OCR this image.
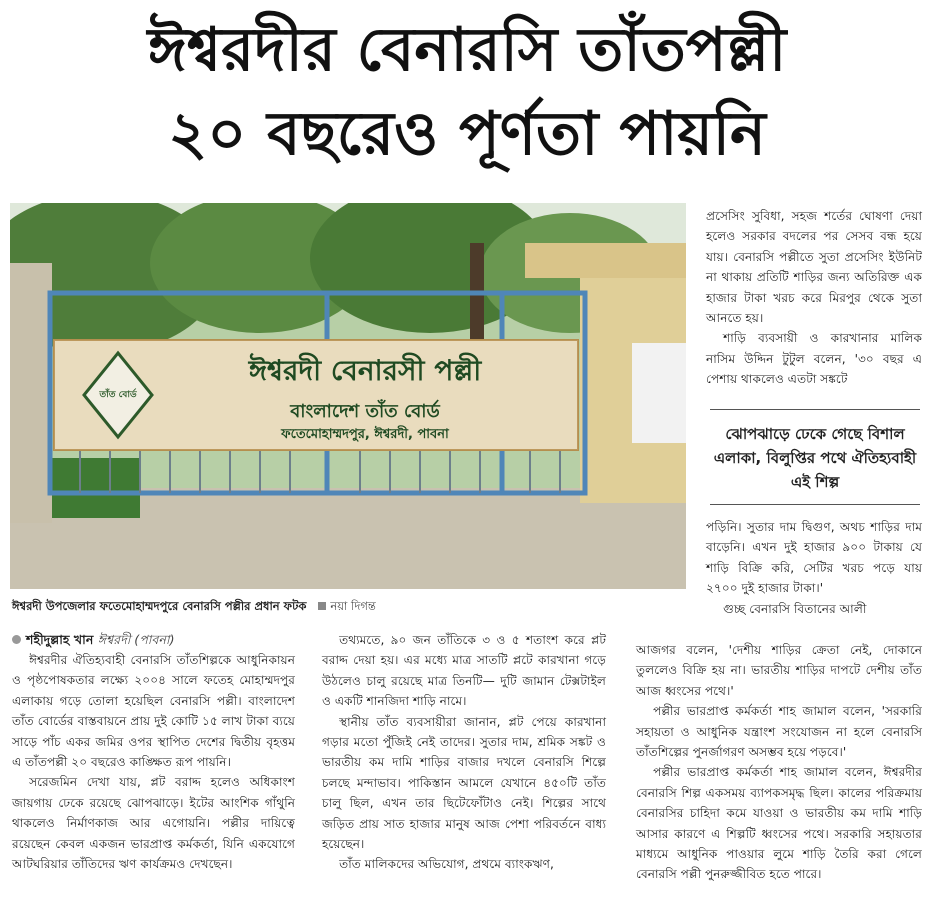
ঈশ্বরদীর বেনারসি তাঁতপল্লী
২০ বছরেও পূর্ণতা পায়নি
তাঁত বোর্ড
ঈশ্বরদী বেনারসী পল্লী
বাংলাদেশ তাঁত বোর্ড
ফতেমোহাম্মদপুর, ঈশ্বরদী, পাবনা
ঈশ্বরদী উপজেলার ফতেমোহাম্মদপুরে বেনারসি পল্লীর প্রধান ফটক নয়া দিগন্ত
শহীদুল্লাহ খান ঈশ্বরদী (পাবনা)

ঈশ্বরদীর ঐতিহ্যবাহী বেনারসি তাঁতশিল্পকে আধুনিকায়ন ও পৃষ্ঠপোষকতার লক্ষ্যে ২০০৪ সালে ফতেহ মোহাম্মদপুর এলাকায় গড়ে তোলা হয়েছিল বেনারসি পল্লী। বাংলাদেশ তাঁত বোর্ডের বাস্তবায়নে প্রায় দুই কোটি ১৫ লাখ টাকা ব্যয়ে সাড়ে পাঁচ একর জমির ওপর স্থাপিত দেশের দ্বিতীয় বৃহত্তম এ তাঁতপল্লী ২০ বছরেও কাঙ্ক্ষিত রূপ পায়নি।

সরেজমিন দেখা যায়, প্লট বরাদ্দ হলেও অধিকাংশ জায়গায় ঢেকে রয়েছে ঝোপঝাড়ে। ইটের আংশিক গাঁথুনি থাকলেও নির্মাণকাজ আর এগোয়নি। পল্লীর দায়িত্বে রয়েছেন কেবল একজন ভারপ্রাপ্ত কর্মকর্তা, যিনি একযোগে আটঘরিয়ার তাঁতিদের ঋণ কার্যক্রমও দেখছেন।

তথ্যমতে, ৯০ জন তাঁতিকে ৩ ও ৫ শতাংশ করে প্লট বরাদ্দ দেয়া হয়। এর মধ্যে মাত্র সাতটি প্লটে কারখানা গড়ে উঠলেও চালু রয়েছে মাত্র তিনটি— দুটি জামান টেক্সটাইল ও একটি শানজিদা শাড়ি নামে।

স্থানীয় তাঁত ব্যবসায়ীরা জানান, প্লট পেয়ে কারখানা গড়ার মতো পুঁজিই নেই তাদের। সুতার দাম, শ্রমিক সঙ্কট ও ভারতীয় কম দামি শাড়ির বাজার দখলে বেনারসি শিল্পে চলছে মন্দাভাব। পাকিস্তান আমলে যেখানে ৪৫০টি তাঁত চালু ছিল, এখন তার ছিটেফোঁটাও নেই। শিল্পের সাথে জড়িত প্রায় সাত হাজার মানুষ আজ পেশা পরিবর্তনে বাধ্য হয়েছেন।

তাঁত মালিকদের অভিযোগ, প্রথমে ব্যাংকঋণ,

প্রসেসিং সুবিধা, সহজ শর্তের ঘোষণা দেয়া হলেও সরকার বদলের পর সেসব বন্ধ হয়ে যায়। বেনারসি পল্লীতে সুতা প্রসেসিং ইউনিট না থাকায় প্রতিটি শাড়ির জন্য অতিরিক্ত এক হাজার টাকা খরচ করে মিরপুর থেকে সুতা আনতে হয়।

শাড়ি ব্যবসায়ী ও কারখানার মালিক নাসিম উদ্দিন টুটুল বলেন, '৩০ বছর এ পেশায় থাকলেও এতটা সঙ্কটে

ঝোপঝাড়ে ঢেকে গেছে বিশাল এলাকা, বিলুপ্তির পথে ঐতিহ্যবাহী এই শিল্প

পড়িনি। সুতার দাম দ্বিগুণ, অথচ শাড়ির দাম বাড়েনি। এখন দুই হাজার ৯০০ টাকায় যে শাড়ি বিক্রি করি, সেটির খরচ পড়ে যায় ২৭০০ দুই হাজার টাকা।'

গুচ্ছ বেনারসি বিতানের আলী

আজগর বলেন, 'দেশীয় শাড়ির ক্রেতা নেই, দোকানে তুললেও বিক্রি হয় না। ভারতীয় শাড়ির দাপটে দেশীয় তাঁত আজ ধ্বংসের পথে।'

পল্লীর ভারপ্রাপ্ত কর্মকর্তা শাহ জামাল বলেন, 'সরকারি সহায়তা ও আধুনিক যন্ত্রাংশ সংযোজন না হলে বেনারসি তাঁতশিল্পের পুনর্জাগরণ অসম্ভব হয়ে পড়বে।'

পল্লীর ভারপ্রাপ্ত কর্মকর্তা শাহ জামাল বলেন, ঈশ্বরদীর বেনারসি শিল্প একসময় ব্যাপকসমৃদ্ধ ছিল। কালের পরিক্রমায় বেনারসির চাহিদা কমে যাওয়া ও ভারতীয় কম দামি শাড়ি আসার কারণে এ শিল্পটি ধ্বংসের পথে। সরকারি সহায়তার মাধ্যমে আধুনিক পাওয়ার লুমে শাড়ি তৈরি করা গেলে বেনারসি পল্লী পুনরুজ্জীবিত হতে পারে।
